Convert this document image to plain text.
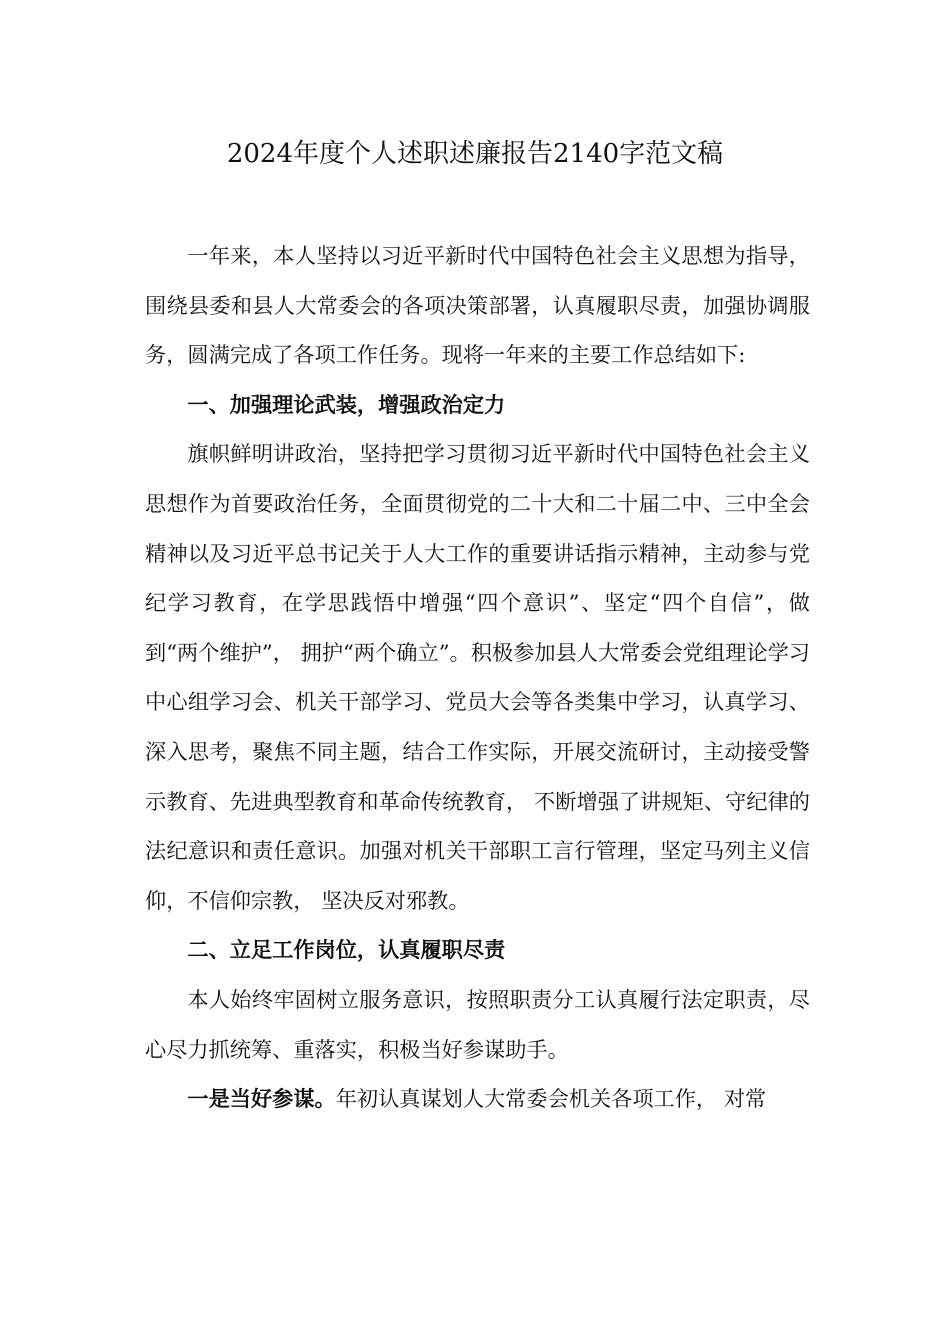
2024年度个人述职述廉报告2140字范文稿

一年来，本人坚持以习近平新时代中国特色社会主义思想为指导，围绕县委和县人大常委会的各项决策部署，认真履职尽责，加强协调服务，圆满完成了各项工作任务。现将一年来的主要工作总结如下:

一、加强理论武装，增强政治定力

旗帜鲜明讲政治，坚持把学习贯彻习近平新时代中国特色社会主义思想作为首要政治任务，全面贯彻党的二十大和二十届二中、三中全会精神以及习近平总书记关于人大工作的重要讲话指示精神，主动参与党纪学习教育，在学思践悟中增强“四个意识”、坚定“四个自信”，做到“两个维护”， 拥护“两个确立”。积极参加县人大常委会党组理论学习中心组学习会、机关干部学习、党员大会等各类集中学习，认真学习、深入思考，聚焦不同主题，结合工作实际，开展交流研讨，主动接受警示教育、先进典型教育和革命传统教育， 不断增强了讲规矩、守纪律的法纪意识和责任意识。加强对机关干部职工言行管理，坚定马列主义信仰，不信仰宗教， 坚决反对邪教。

二、立足工作岗位，认真履职尽责

本人始终牢固树立服务意识，按照职责分工认真履行法定职责，尽心尽力抓统筹、重落实，积极当好参谋助手。

一是当好参谋。年初认真谋划人大常委会机关各项工作， 对常
